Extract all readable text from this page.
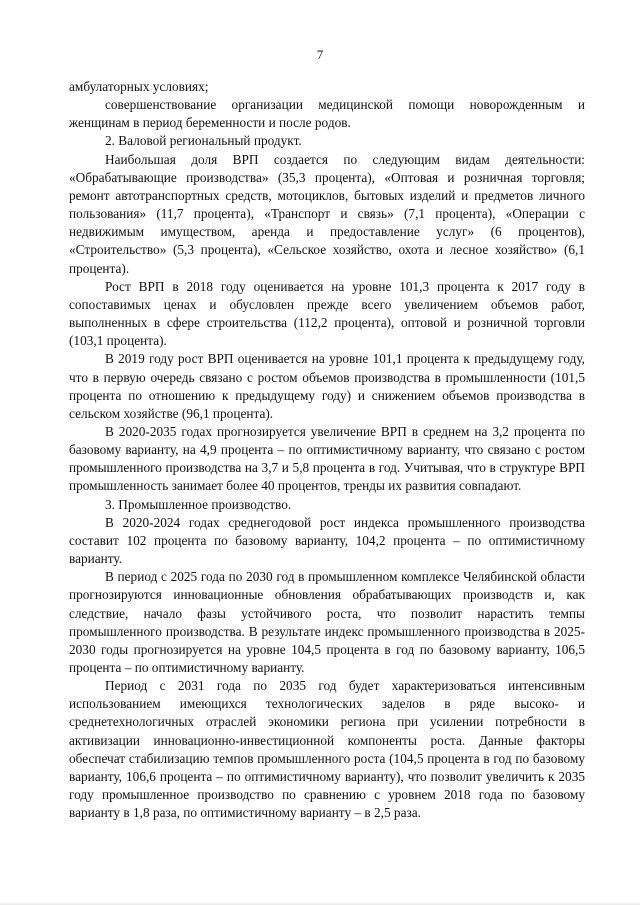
7

амбулаторных условиях;

совершенствование организации медицинской помощи новорожденным и женщинам в период беременности и после родов.

2. Валовой региональный продукт.

Наибольшая доля ВРП создается по следующим видам деятельности: «Обрабатывающие производства» (35,3 процента), «Оптовая и розничная торговля; ремонт автотранспортных средств, мотоциклов, бытовых изделий и предметов личного пользования» (11,7 процента), «Транспорт и связь» (7,1 процента), «Операции с недвижимым имуществом, аренда и предоставление услуг» (6 процентов), «Строительство» (5,3 процента), «Сельское хозяйство, охота и лесное хозяйство» (6,1 процента).

Рост ВРП в 2018 году оценивается на уровне 101,3 процента к 2017 году в сопоставимых ценах и обусловлен прежде всего увеличением объемов работ, выполненных в сфере строительства (112,2 процента), оптовой и розничной торговли (103,1 процента).

В 2019 году рост ВРП оценивается на уровне 101,1 процента к предыдущему году, что в первую очередь связано с ростом объемов производства в промышленности (101,5 процента по отношению к предыдущему году) и снижением объемов производства в сельском хозяйстве (96,1 процента).

В 2020-2035 годах прогнозируется увеличение ВРП в среднем на 3,2 процента по базовому варианту, на 4,9 процента – по оптимистичному варианту, что связано с ростом промышленного производства на 3,7 и 5,8 процента в год. Учитывая, что в структуре ВРП промышленность занимает более 40 процентов, тренды их развития совпадают.

3. Промышленное производство.

В 2020-2024 годах среднегодовой рост индекса промышленного производства составит 102 процента по базовому варианту, 104,2 процента – по оптимистичному варианту.

В период с 2025 года по 2030 год в промышленном комплексе Челябинской области прогнозируются инновационные обновления обрабатывающих производств и, как следствие, начало фазы устойчивого роста, что позволит нарастить темпы промышленного производства. В результате индекс промышленного производства в 2025-2030 годы прогнозируется на уровне 104,5 процента в год по базовому варианту, 106,5 процента – по оптимистичному варианту.

Период с 2031 года по 2035 год будет характеризоваться интенсивным использованием имеющихся технологических заделов в ряде высоко- и среднетехнологичных отраслей экономики региона при усилении потребности в активизации инновационно-инвестиционной компоненты роста. Данные факторы обеспечат стабилизацию темпов промышленного роста (104,5 процента в год по базовому варианту, 106,6 процента – по оптимистичному варианту), что позволит увеличить к 2035 году промышленное производство по сравнению с уровнем 2018 года по базовому варианту в 1,8 раза, по оптимистичному варианту – в 2,5 раза.
